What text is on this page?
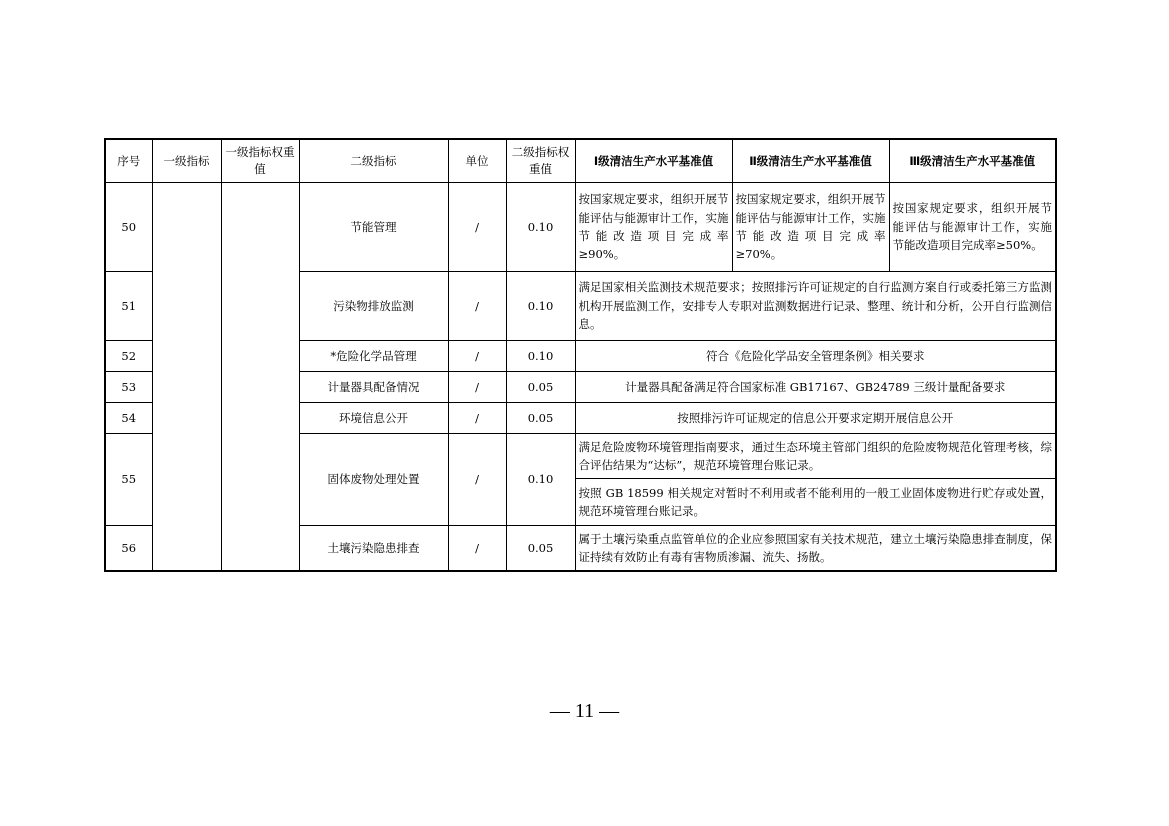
序号	一级指标	一级指标权重值	二级指标	单位	二级指标权重值	Ⅰ级清洁生产水平基准值	Ⅱ级清洁生产水平基准值	Ⅲ级清洁生产水平基准值
50			节能管理	/	0.10	按国家规定要求，组织开展节能评估与能源审计工作，实施节能改造项目完成率≥90%。	按国家规定要求，组织开展节能评估与能源审计工作，实施节能改造项目完成率≥70%。	按国家规定要求，组织开展节能评估与能源审计工作，实施节能改造项目完成率≥50%。
51			污染物排放监测	/	0.10	满足国家相关监测技术规范要求；按照排污许可证规定的自行监测方案自行或委托第三方监测机构开展监测工作，安排专人专职对监测数据进行记录、整理、统计和分析，公开自行监测信息。		
52			*危险化学品管理	/	0.10	符合《危险化学品安全管理条例》相关要求		
53			计量器具配备情况	/	0.05	计量器具配备满足符合国家标准 GB17167、GB24789 三级计量配备要求		
54			环境信息公开	/	0.05	按照排污许可证规定的信息公开要求定期开展信息公开		
55			固体废物处理处置	/	0.10	满足危险废物环境管理指南要求，通过生态环境主管部门组织的危险废物规范化管理考核，综合评估结果为“达标”，规范环境管理台账记录。		
						按照 GB 18599 相关规定对暂时不利用或者不能利用的一般工业固体废物进行贮存或处置，规范环境管理台账记录。		
56			土壤污染隐患排查	/	0.05	属于土壤污染重点监管单位的企业应参照国家有关技术规范，建立土壤污染隐患排查制度，保证持续有效防止有毒有害物质渗漏、流失、扬散。		
— 11 —
